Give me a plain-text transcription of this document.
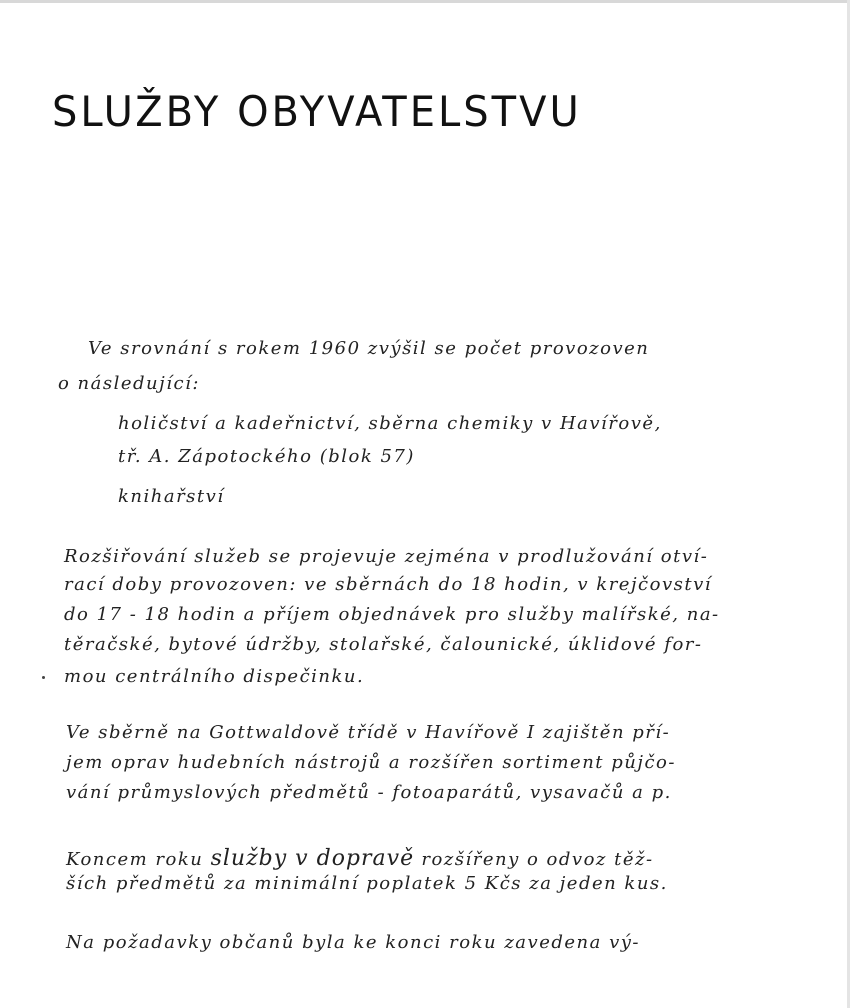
SLUŽBY OBYVATELSTVU
Ve srovnání s rokem 1960 zvýšil se počet provozoven
o následující:
holičství a kadeřnictví, sběrna chemiky v Havířově,
tř. A. Zápotockého (blok 57)
knihařství
Rozšiřování služeb se projevuje zejména v prodlužování otví-
rací doby provozoven: ve sběrnách do 18 hodin, v krejčovství
do 17 - 18 hodin a příjem objednávek pro služby malířské, na-
těračské, bytové údržby, stolařské, čalounické, úklidové for-
mou centrálního dispečinku.
Ve sběrně na Gottwaldově třídě v Havířově I zajištěn pří-
jem oprav hudebních nástrojů a rozšířen sortiment půjčo-
vání průmyslových předmětů - fotoaparátů, vysavačů a p.
Koncem roku služby v dopravě rozšířeny o odvoz těž-
ších předmětů za minimální poplatek 5 Kčs za jeden kus.
Na požadavky občanů byla ke konci roku zavedena vý-
